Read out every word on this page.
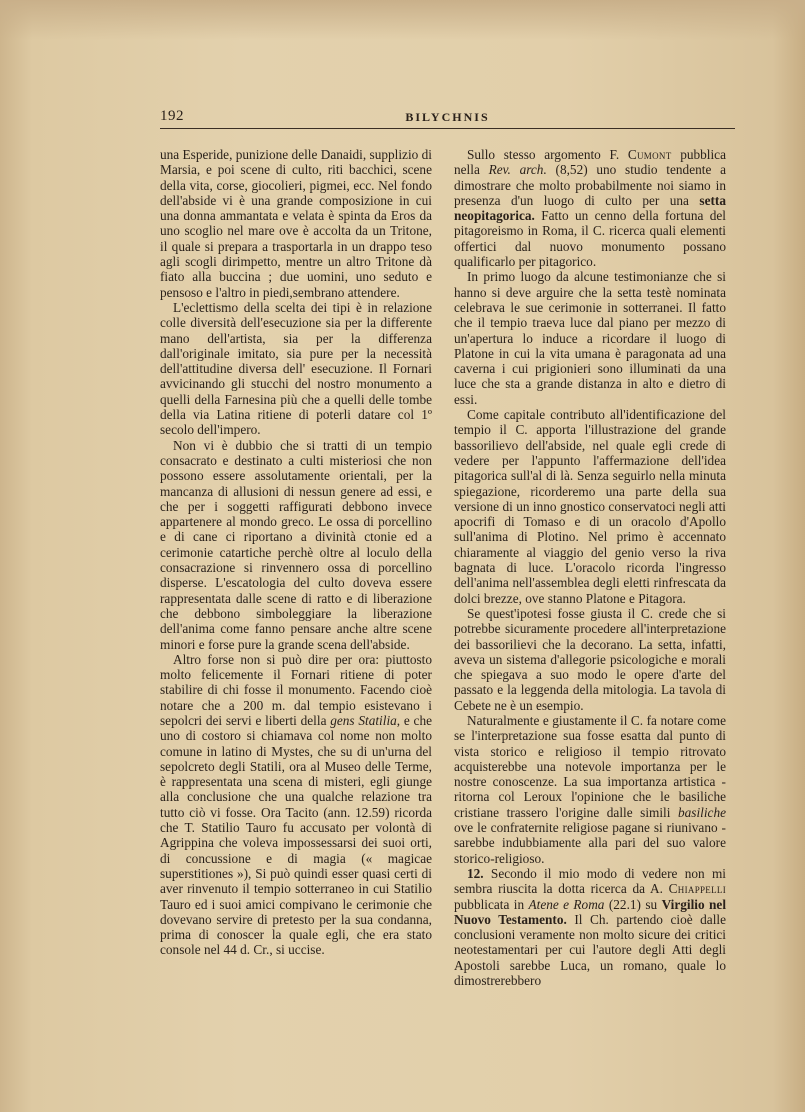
192	BILYCHNIS

una Esperide, punizione delle Danaidi, supplizio di Marsia, e poi scene di culto, riti bacchici, scene della vita, corse, giocolieri, pigmei, ecc. Nel fondo dell'abside vi è una grande composizione in cui una donna ammantata e velata è spinta da Eros da uno scoglio nel mare ove è accolta da un Tritone, il quale si prepara a trasportarla in un drappo teso agli scogli dirimpetto, mentre un altro Tritone dà fiato alla buccina ; due uomini, uno seduto e pensoso e l'altro in piedi,sembrano attendere.

L'eclettismo della scelta dei tipi è in relazione colle diversità dell'esecuzione sia per la differente mano dell'artista, sia per la differenza dall'originale imitato, sia pure per la necessità dell'attitudine diversa dell' esecuzione. Il Fornari avvicinando gli stucchi del nostro monumento a quelli della Farnesina più che a quelli delle tombe della via Latina ritiene di poterli datare col 1º secolo dell'impero.

Non vi è dubbio che si tratti di un tempio consacrato e destinato a culti misteriosi che non possono essere assolutamente orientali, per la mancanza di allusioni di nessun genere ad essi, e che per i soggetti raffigurati debbono invece appartenere al mondo greco. Le ossa di porcellino e di cane ci riportano a divinità ctonie ed a cerimonie catartiche perchè oltre al loculo della consacrazione si rinvennero ossa di porcellino disperse. L'escatologia del culto doveva essere rappresentata dalle scene di ratto e di liberazione che debbono simboleggiare la liberazione dell'anima come fanno pensare anche altre scene minori e forse pure la grande scena dell'abside.

Altro forse non si può dire per ora: piuttosto molto felicemente il Fornari ritiene di poter stabilire di chi fosse il monumento. Facendo cioè notare che a 200 m. dal tempio esistevano i sepolcri dei servi e liberti della gens Statilia, e che uno di costoro si chiamava col nome non molto comune in latino di Mystes, che su di un'urna del sepolcreto degli Statili, ora al Museo delle Terme, è rappresentata una scena di misteri, egli giunge alla conclusione che una qualche relazione tra tutto ciò vi fosse. Ora Tacito (ann. 12.59) ricorda che T. Statilio Tauro fu accusato per volontà di Agrippina che voleva impossessarsi dei suoi orti, di concussione e di magia (« magicae superstitiones »), Si può quindi esser quasi certi di aver rinvenuto il tempio sotterraneo in cui Statilio Tauro ed i suoi amici compivano le cerimonie che dovevano servire di pretesto per la sua condanna, prima di conoscer la quale egli, che era stato console nel 44 d. Cr., si uccise.

Sullo stesso argomento F. Cumont pubblica nella Rev. arch. (8,52) uno studio tendente a dimostrare che molto probabilmente noi siamo in presenza d'un luogo di culto per una setta neopitagorica. Fatto un cenno della fortuna del pitagoreismo in Roma, il C. ricerca quali elementi offertici dal nuovo monumento possano qualificarlo per pitagorico.

In primo luogo da alcune testimonianze che si hanno si deve arguire che la setta testè nominata celebrava le sue cerimonie in sotterranei. Il fatto che il tempio traeva luce dal piano per mezzo di un'apertura lo induce a ricordare il luogo di Platone in cui la vita umana è paragonata ad una caverna i cui prigionieri sono illuminati da una luce che sta a grande distanza in alto e dietro di essi.

Come capitale contributo all'identificazione del tempio il C. apporta l'illustrazione del grande bassorilievo dell'abside, nel quale egli crede di vedere per l'appunto l'affermazione dell'idea pitagorica sull'al di là. Senza seguirlo nella minuta spiegazione, ricorderemo una parte della sua versione di un inno gnostico conservatoci negli atti apocrifi di Tomaso e di un oracolo d'Apollo sull'anima di Plotino. Nel primo è accennato chiaramente al viaggio del genio verso la riva bagnata di luce. L'oracolo ricorda l'ingresso dell'anima nell'assemblea degli eletti rinfrescata da dolci brezze, ove stanno Platone e Pitagora.

Se quest'ipotesi fosse giusta il C. crede che si potrebbe sicuramente procedere all'interpretazione dei bassorilievi che la decorano. La setta, infatti, aveva un sistema d'allegorie psicologiche e morali che spiegava a suo modo le opere d'arte del passato e la leggenda della mitologia. La tavola di Cebete ne è un esempio.

Naturalmente e giustamente il C. fa notare come se l'interpretazione sua fosse esatta dal punto di vista storico e religioso il tempio ritrovato acquisterebbe una notevole importanza per le nostre conoscenze. La sua importanza artistica - ritorna col Leroux l'opinione che le basiliche cristiane trassero l'origine dalle simili basiliche ove le confraternite religiose pagane si riunivano - sarebbe indubbiamente alla pari del suo valore storico-religioso.

12. Secondo il mio modo di vedere non mi sembra riuscita la dotta ricerca da A. Chiappelli pubblicata in Atene e Roma (22.1) su Virgilio nel Nuovo Testamento. Il Ch. partendo cioè dalle conclusioni veramente non molto sicure dei critici neotestamentari per cui l'autore degli Atti degli Apostoli sarebbe Luca, un romano, quale lo dimostrerebbero
